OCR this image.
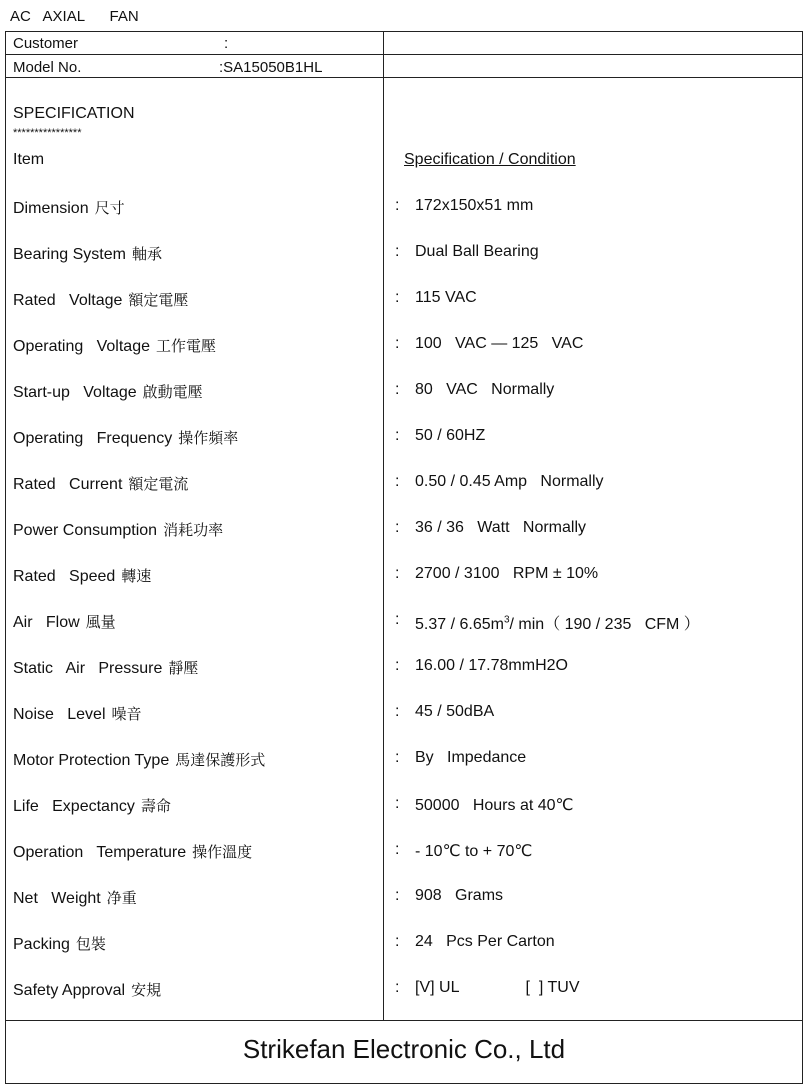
AC   AXIAL      FAN
Customer	:
Model No.	:SA15050B1HL
SPECIFICATION
****************
Item	Specification / Condition
Dimension 尺寸	: 172x150x51 mm
Bearing System 軸承	: Dual Ball Bearing
Rated   Voltage 額定電壓	: 115 VAC
Operating   Voltage 工作電壓	: 100   VAC — 125   VAC
Start-up   Voltage 啟動電壓	: 80   VAC   Normally
Operating   Frequency 操作頻率	: 50 / 60HZ
Rated   Current 額定電流	: 0.50 / 0.45 Amp   Normally
Power Consumption 消耗功率	: 36 / 36   Watt   Normally
Rated   Speed 轉速	: 2700 / 3100   RPM ± 10%
Air   Flow 風量	: $5.37 / 6.65m^3/$ min（ 190 / 235   CFM ）
Static   Air   Pressure 靜壓	: 16.00 / 17.78mmH2O
Noise   Level 噪音	: 45 / 50dBA
Motor Protection Type 馬達保護形式	: By   Impedance
Life   Expectancy 壽命	: 50000   Hours at 40℃
Operation   Temperature 操作溫度	: - 10℃ to + 70℃
Net   Weight 净重	: 908   Grams
Packing 包裝	: 24   Pcs Per Carton
Safety Approval 安規	: [V] UL               [  ] TUV
Strikefan Electronic Co., Ltd
